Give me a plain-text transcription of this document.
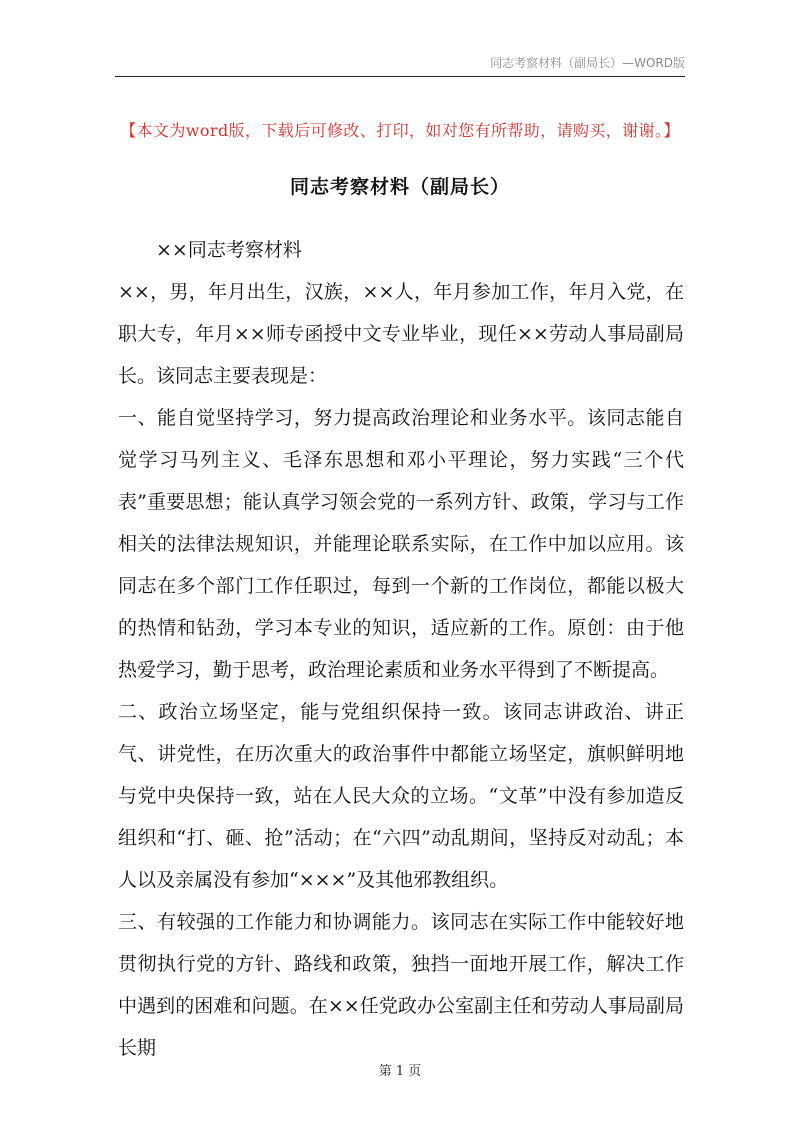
同志考察材料（副局长）—WORD版
【本文为word版，下载后可修改、打印，如对您有所帮助，请购买，谢谢。】
同志考察材料（副局长）

××同志考察材料

××，男，年月出生，汉族，××人，年月参加工作，年月入党，在职大专，年月××师专函授中文专业毕业，现任××劳动人事局副局长。该同志主要表现是：

一、能自觉坚持学习，努力提高政治理论和业务水平。该同志能自觉学习马列主义、毛泽东思想和邓小平理论，努力实践“三个代表”重要思想；能认真学习领会党的一系列方针、政策，学习与工作相关的法律法规知识，并能理论联系实际，在工作中加以应用。该同志在多个部门工作任职过，每到一个新的工作岗位，都能以极大的热情和钻劲，学习本专业的知识，适应新的工作。原创：由于他热爱学习，勤于思考，政治理论素质和业务水平得到了不断提高。

二、政治立场坚定，能与党组织保持一致。该同志讲政治、讲正气、讲党性，在历次重大的政治事件中都能立场坚定，旗帜鲜明地与党中央保持一致，站在人民大众的立场。“文革”中没有参加造反组织和“打、砸、抢”活动；在“六四”动乱期间，坚持反对动乱；本人以及亲属没有参加“×××”及其他邪教组织。

三、有较强的工作能力和协调能力。该同志在实际工作中能较好地贯彻执行党的方针、路线和政策，独挡一面地开展工作，解决工作中遇到的困难和问题。在××任党政办公室副主任和劳动人事局副局长期

第 1 页
